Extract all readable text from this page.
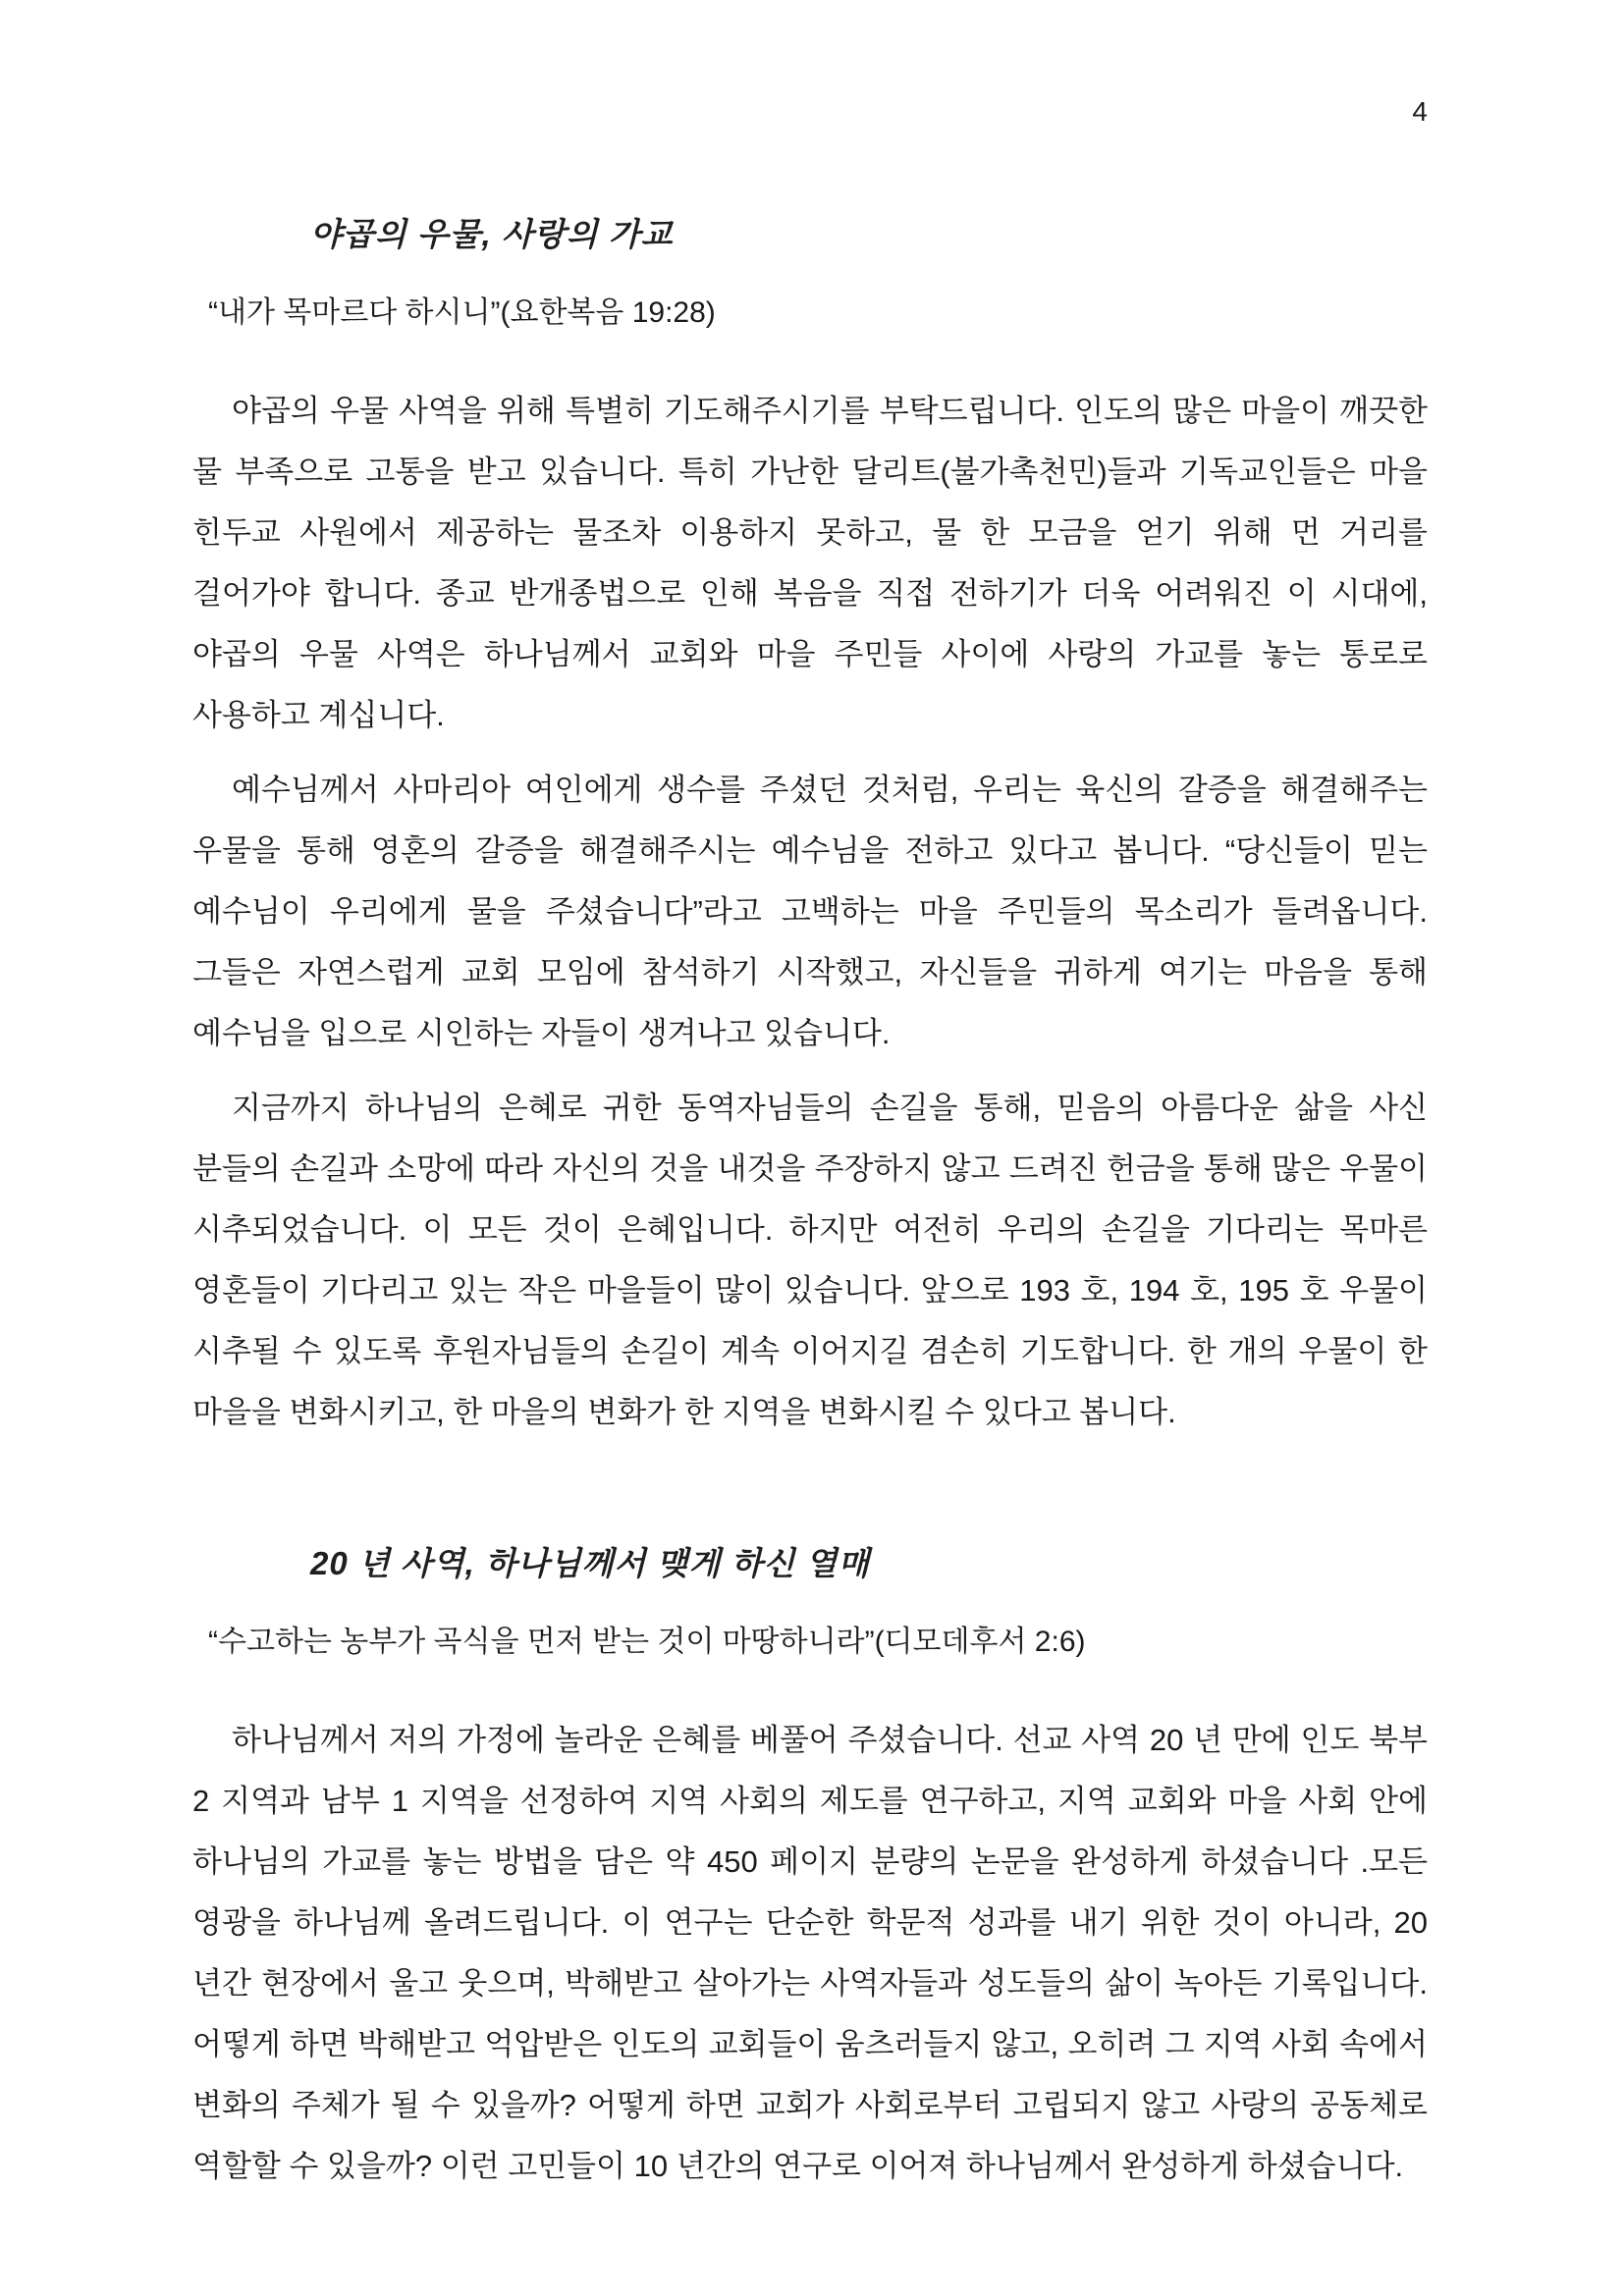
4
야곱의 우물, 사랑의 가교

“내가 목마르다 하시니”(요한복음 19:28)

야곱의 우물 사역을 위해 특별히 기도해주시기를 부탁드립니다. 인도의 많은 마을이 깨끗한 물 부족으로 고통을 받고 있습니다. 특히 가난한 달리트(불가촉천민)들과 기독교인들은 마을 힌두교 사원에서 제공하는 물조차 이용하지 못하고, 물 한 모금을 얻기 위해 먼 거리를 걸어가야 합니다. 종교 반개종법으로 인해 복음을 직접 전하기가 더욱 어려워진 이 시대에, 야곱의 우물 사역은 하나님께서 교회와 마을 주민들 사이에 사랑의 가교를 놓는 통로로 사용하고 계십니다.

예수님께서 사마리아 여인에게 생수를 주셨던 것처럼, 우리는 육신의 갈증을 해결해주는 우물을 통해 영혼의 갈증을 해결해주시는 예수님을 전하고 있다고 봅니다. “당신들이 믿는 예수님이 우리에게 물을 주셨습니다”라고 고백하는 마을 주민들의 목소리가 들려옵니다. 그들은 자연스럽게 교회 모임에 참석하기 시작했고, 자신들을 귀하게 여기는 마음을 통해 예수님을 입으로 시인하는 자들이 생겨나고 있습니다.

지금까지 하나님의 은혜로 귀한 동역자님들의 손길을 통해, 믿음의 아름다운 삶을 사신 분들의 손길과 소망에 따라 자신의 것을 내것을 주장하지 않고 드려진 헌금을 통해 많은 우물이 시추되었습니다. 이 모든 것이 은혜입니다. 하지만 여전히 우리의 손길을 기다리는 목마른 영혼들이 기다리고 있는 작은 마을들이 많이 있습니다. 앞으로 193 호, 194 호, 195 호 우물이 시추될 수 있도록 후원자님들의 손길이 계속 이어지길 겸손히 기도합니다. 한 개의 우물이 한 마을을 변화시키고, 한 마을의 변화가 한 지역을 변화시킬 수 있다고 봅니다.

20 년 사역, 하나님께서 맺게 하신 열매

“수고하는 농부가 곡식을 먼저 받는 것이 마땅하니라”(디모데후서 2:6)

하나님께서 저의 가정에 놀라운 은혜를 베풀어 주셨습니다. 선교 사역 20 년 만에 인도 북부 2 지역과 남부 1 지역을 선정하여 지역 사회의 제도를 연구하고, 지역 교회와 마을 사회 안에 하나님의 가교를 놓는 방법을 담은 약 450 페이지 분량의 논문을 완성하게 하셨습니다 .모든 영광을 하나님께 올려드립니다. 이 연구는 단순한 학문적 성과를 내기 위한 것이 아니라, 20 년간 현장에서 울고 웃으며, 박해받고 살아가는 사역자들과 성도들의 삶이 녹아든 기록입니다. 어떻게 하면 박해받고 억압받은 인도의 교회들이 움츠러들지 않고, 오히려 그 지역 사회 속에서 변화의 주체가 될 수 있을까? 어떻게 하면 교회가 사회로부터 고립되지 않고 사랑의 공동체로 역할할 수 있을까? 이런 고민들이 10 년간의 연구로 이어져 하나님께서 완성하게 하셨습니다.
